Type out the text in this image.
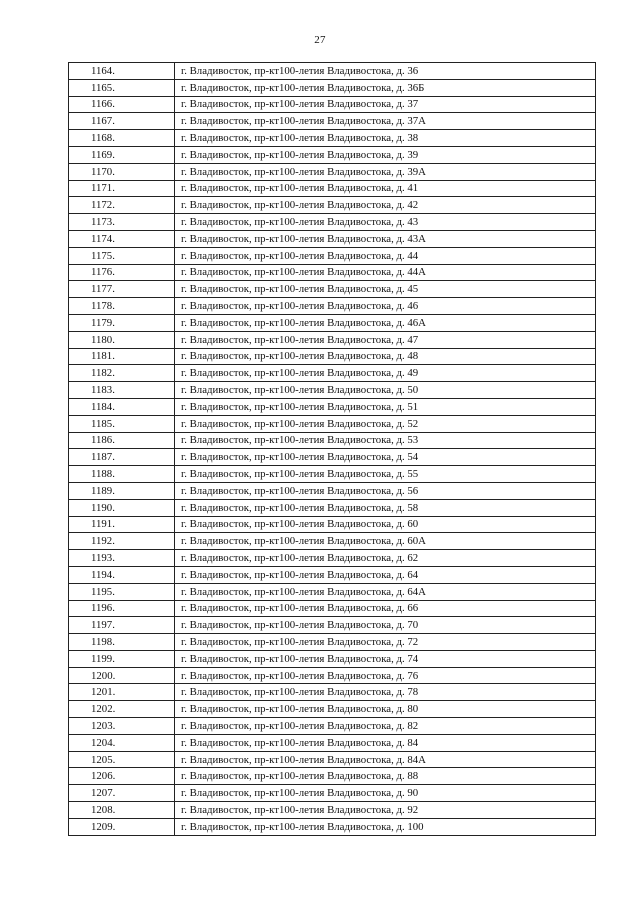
27
1164.	г. Владивосток, пр-кт100-летия Владивостока, д. 36
1165.	г. Владивосток, пр-кт100-летия Владивостока, д. 36Б
1166.	г. Владивосток, пр-кт100-летия Владивостока, д. 37
1167.	г. Владивосток, пр-кт100-летия Владивостока, д. 37А
1168.	г. Владивосток, пр-кт100-летия Владивостока, д. 38
1169.	г. Владивосток, пр-кт100-летия Владивостока, д. 39
1170.	г. Владивосток, пр-кт100-летия Владивостока, д. 39А
1171.	г. Владивосток, пр-кт100-летия Владивостока, д. 41
1172.	г. Владивосток, пр-кт100-летия Владивостока, д. 42
1173.	г. Владивосток, пр-кт100-летия Владивостока, д. 43
1174.	г. Владивосток, пр-кт100-летия Владивостока, д. 43А
1175.	г. Владивосток, пр-кт100-летия Владивостока, д. 44
1176.	г. Владивосток, пр-кт100-летия Владивостока, д. 44А
1177.	г. Владивосток, пр-кт100-летия Владивостока, д. 45
1178.	г. Владивосток, пр-кт100-летия Владивостока, д. 46
1179.	г. Владивосток, пр-кт100-летия Владивостока, д. 46А
1180.	г. Владивосток, пр-кт100-летия Владивостока, д. 47
1181.	г. Владивосток, пр-кт100-летия Владивостока, д. 48
1182.	г. Владивосток, пр-кт100-летия Владивостока, д. 49
1183.	г. Владивосток, пр-кт100-летия Владивостока, д. 50
1184.	г. Владивосток, пр-кт100-летия Владивостока, д. 51
1185.	г. Владивосток, пр-кт100-летия Владивостока, д. 52
1186.	г. Владивосток, пр-кт100-летия Владивостока, д. 53
1187.	г. Владивосток, пр-кт100-летия Владивостока, д. 54
1188.	г. Владивосток, пр-кт100-летия Владивостока, д. 55
1189.	г. Владивосток, пр-кт100-летия Владивостока, д. 56
1190.	г. Владивосток, пр-кт100-летия Владивостока, д. 58
1191.	г. Владивосток, пр-кт100-летия Владивостока, д. 60
1192.	г. Владивосток, пр-кт100-летия Владивостока, д. 60А
1193.	г. Владивосток, пр-кт100-летия Владивостока, д. 62
1194.	г. Владивосток, пр-кт100-летия Владивостока, д. 64
1195.	г. Владивосток, пр-кт100-летия Владивостока, д. 64А
1196.	г. Владивосток, пр-кт100-летия Владивостока, д. 66
1197.	г. Владивосток, пр-кт100-летия Владивостока, д. 70
1198.	г. Владивосток, пр-кт100-летия Владивостока, д. 72
1199.	г. Владивосток, пр-кт100-летия Владивостока, д. 74
1200.	г. Владивосток, пр-кт100-летия Владивостока, д. 76
1201.	г. Владивосток, пр-кт100-летия Владивостока, д. 78
1202.	г. Владивосток, пр-кт100-летия Владивостока, д. 80
1203.	г. Владивосток, пр-кт100-летия Владивостока, д. 82
1204.	г. Владивосток, пр-кт100-летия Владивостока, д. 84
1205.	г. Владивосток, пр-кт100-летия Владивостока, д. 84А
1206.	г. Владивосток, пр-кт100-летия Владивостока, д. 88
1207.	г. Владивосток, пр-кт100-летия Владивостока, д. 90
1208.	г. Владивосток, пр-кт100-летия Владивостока, д. 92
1209.	г. Владивосток, пр-кт100-летия Владивостока, д. 100
